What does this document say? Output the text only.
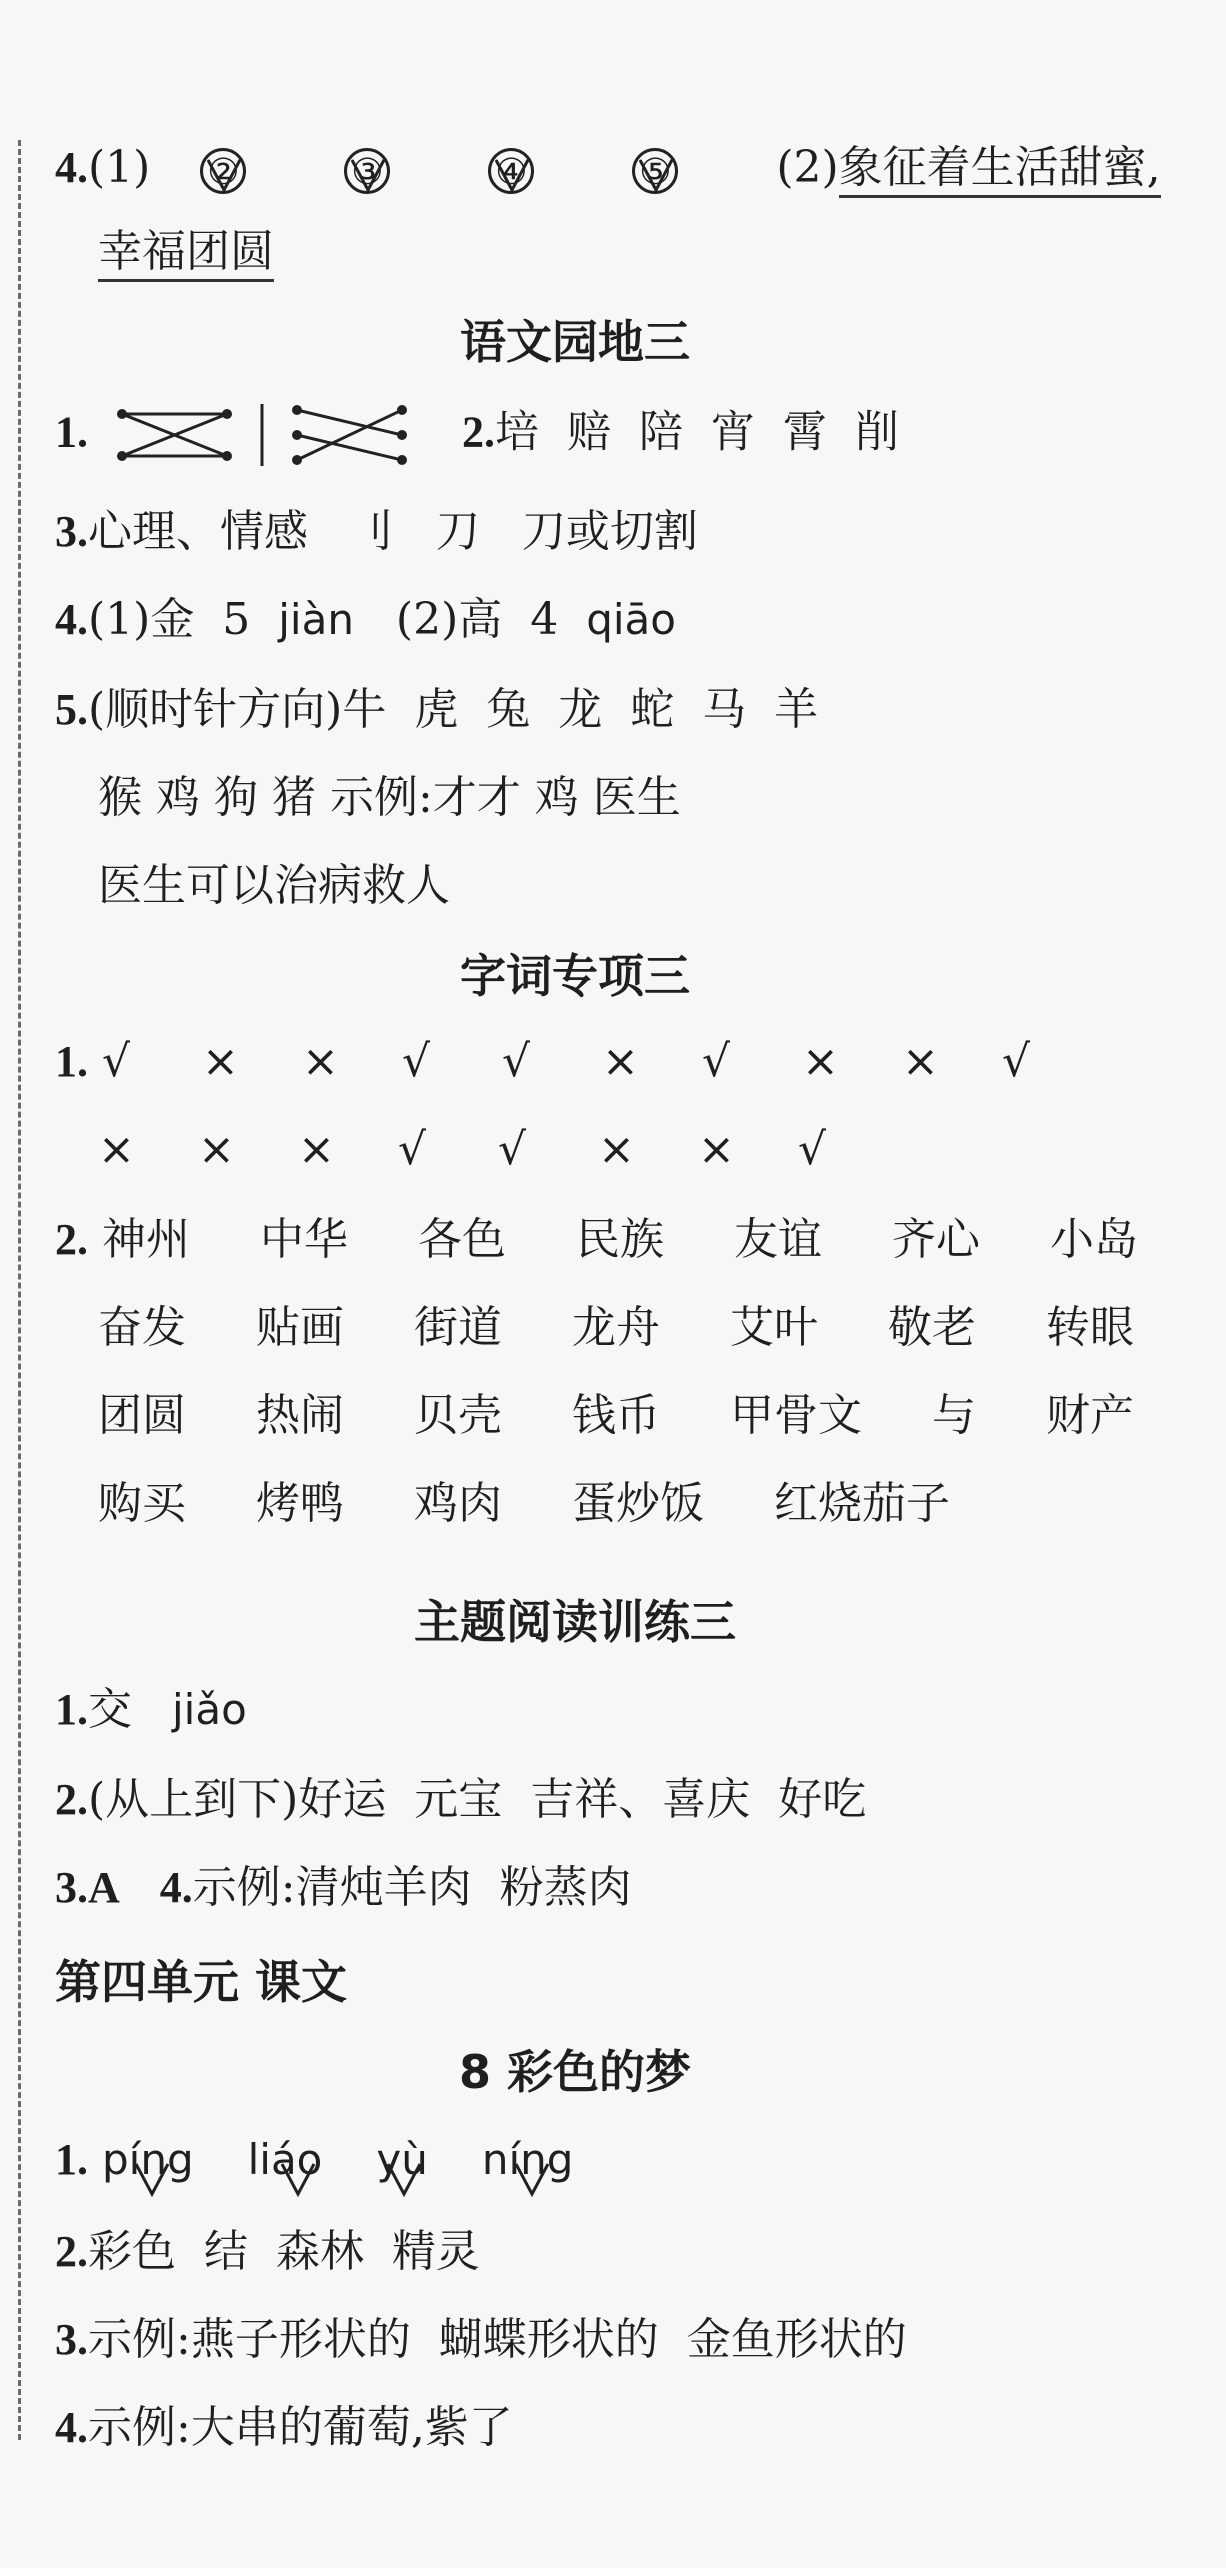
4.(1) ②	③	④	⑤ (2)象征着生活甜蜜,
幸福团圆
语文园地三
1.	2.培  赔  陪  宵  霄  削
3.心理、情感   刂   刀   刀或切割
4.(1)金  5  jiàn   (2)高  4  qiāo
5.(顺时针方向)牛  虎  兔  龙  蛇  马  羊
猴 鸡 狗 猪 示例:才才 鸡 医生
医生可以治病救人
字词专项三
1. √ × × √ √ × √ × × √
× × × √ √ × × √
2. 神州 中华 各色 民族 友谊 齐心 小岛
奋发 贴画 街道 龙舟 艾叶 敬老 转眼
团圆 热闹 贝壳 钱币 甲骨文 与 财产
购买 烤鸭 鸡肉 蛋炒饭 红烧茄子
主题阅读训练三
1.交 jiǎo
2.(从上到下)好运  元宝  吉祥、喜庆  好吃
3.A 4.示例:清炖羊肉  粉蒸肉
第四单元 课文
8 彩色的梦
1. píng liáo yù níng
2.彩色  结  森林  精灵
3.示例:燕子形状的  蝴蝶形状的  金鱼形状的
4.示例:大串的葡萄,紫了
